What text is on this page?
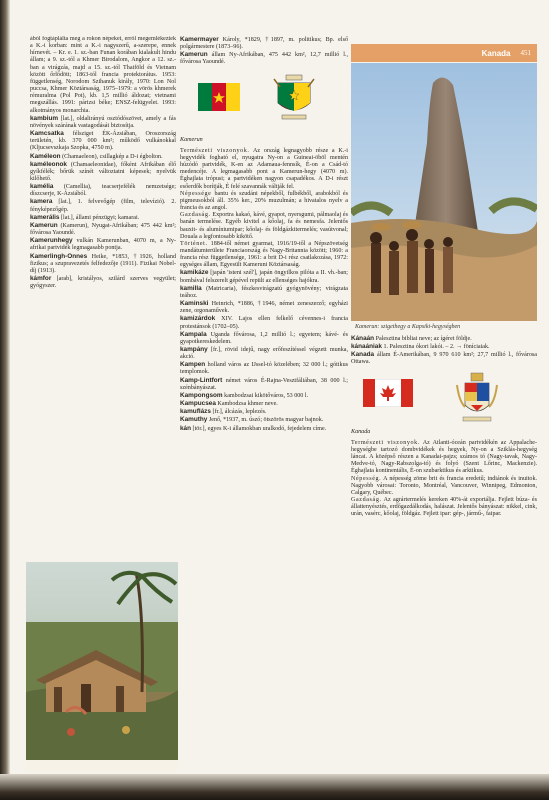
ából fogtáplálta meg a rokon népeket, erről megemlékeztek a K.-i korban: mint a K.-i nagyszerű, a-szerepe, ennek hírnevét. – Kr. e. 1. sz.-ban Funan korában kialakult hindu állam; a 9. sz.-tól a Khmer Birodalom, Angkor a 12. sz.-ban a virágzás, majd a 15. sz.-tól Thaiföld és Vietnam között őrlődött; 1863-tól francia protektorátus. 1953: függetlenség, Norodom Szihanuk király, 1970: Lon Nol puccsa, Khmer Köztársaság, 1975–1979: a vörös khmerek rémuralma (Pol Pot), kb. 1,5 millió áldozat; vietnami megszállás. 1991: párizsi béke; ENSZ-felügyelet. 1993: alkotmányos monarchia.

kambium [lat.], oldalirányú osztódószövet, amely a fás növények szárának vastagodását biztosítja.

Kamcsatka félsziget ÉK-Ázsiában, Oroszország területén, kb. 370 000 km²; működő vulkánokkal (Kljucsevszkaja Szopka, 4750 m).

Kaméleon (Chamaeleon), csillagkép a D-i égbolton.

kaméleonok (Chamaeleonidae), főként Afrikában élő gyíkfélék; bőrük színét változtatni képesek; nyelvük kilőhető.

kamélia (Camellia), teacserjefélék nemzetsége; díszcserje, K-Ázsiából.

kamera [lat.], 1. felvevőgép (film, televízió). 2. fényképezőgép.

kamerális [lat.], állami pénzügyi; kamarai.

Kamerun (Kamerun), Nyugat-Afrikában; 475 442 km²; fővárosa Yaoundé.

Kamerunhegy vulkán Kamerunban, 4070 m, a Ny-afrikai partvidék legmagasabb pontja.

Kamerlingh-Onnes Heike, *1853, †1926, holland fizikus; a szupravezetés felfedezője (1911). Fizikai Nobel-díj (1913).

kámfor [arab], kristályos, szilárd szerves vegyület; gyógyszer.

Kamermayer Károly, *1829, †1897, m. politikus; Bp. első polgármestere (1873–96).

Kamerun állam Ny-Afrikában, 475 442 km², 12,7 millió l., fővárosa Yaoundé.

Kamerun

Természeti viszonyok. Az ország legnagyobb része a K.-i hegyvidék fogható el, nyugatra Ny-on a Guineai-öböl mentén húzódó partvidék, K-en az Adamaua-fennsík, É-on a Csád-tó medencéje. A legmagasabb pont a Kamerun-hegy (4070 m). Éghajlata trópusi; a partvidéken nagyon csapadékos. A D-i részt esőerdők borítják, É felé szavannák váltják fel.

Népessége bantu és szudáni népekből, fulbékből, arabokból és pigmeusokból áll. 35% ker., 20% muzulmán; a hivatalos nyelv a francia és az angol.

Gazdaság. Exportra kakaó, kávé, gyapot, nyersgumi, pálmaolaj és banán termelése. Egyéb kivitel a kőolaj, fa és nemesfa. Jelentős bauxit- és alumíniumipar; kőolaj- és földgázkitermelés; vasútvonal; Douala a legfontosabb kikötő.

Történet. 1884-től német gyarmat, 1916/19-től a Népszövetség mandátumterülete Franciaország és Nagy-Britannia között; 1960: a francia rész függetlensége, 1961: a brit D-i rész csatlakozása, 1972: egységes állam, Egyesült Kameruni Köztársaság.

kamikáze [japán 'isteni szél'], japán öngyilkos pilóta a II. vh.-ban; bombával felszerelt gépével repült az ellenséges hajókra.

kamilla (Matricaria), fészkesvirágzatú gyógynövény; virágzata teához.

Kaminski Heinrich, *1886, †1946, német zeneszerző; egyházi zene, orgonaművek.

kamizárdok XIV. Lajos ellen felkelő cévennes-i francia protestánsok (1702–05).

Kampala Uganda fővárosa, 1,2 millió l.; egyetem; kávé- és gyapotkereskedelem.

kampány [fr.], rövid idejű, nagy erőfeszítéssel végzett munka, akció.

Kampen holland város az IJssel-tó közelében; 32 000 l.; gótikus templomok.

Kamp-Lintfort német város É-Rajna-Vesztfáliában, 38 000 l.; szénbányászat.

Kampongsom kambodzsai kikötőváros, 53 000 l.

Kampucsea Kambodzsa khmer neve.

kamuflázs [fr.], álcázás, leplezés.

Kamuthy Jenő, *1937, m. úszó; ötszörös magyar bajnok.

kán [tör.], egyes K-i államokban uralkodó, fejedelem címe.

Kanada 451
Kamerun: szigethegy a Kapsiki-hegységben

Kánaán Palesztina bibliai neve; az ígéret földje.

kánaániak 1. Palesztina ókori lakói. – 2. → föníciaiak.

Kanada állam É-Amerikában, 9 970 610 km²; 27,7 millió l., fővárosa Ottawa.

Kanada

Természeti viszonyok. Az Atlanti-óceán partvidékén az Appalache-hegységbe tartozó dombvidékek és hegyek, Ny-on a Sziklás-hegység láncai. A középső részen a Kanadai-pajzs; számos tó (Nagy-tavak, Nagy-Medve-tó, Nagy-Rabszolga-tó) és folyó (Szent Lőrinc, Mackenzie). Éghajlata kontinentális, É-on szubarktikus és arktikus.

Népesség. A népesség zöme brit és francia eredetű; indiánok és inuitok. Nagyobb városai: Toronto, Montréal, Vancouver, Winnipeg, Edmonton, Calgary, Québec.

Gazdaság. Az agrártermelés kereken 40%-át exportálja. Fejlett búza- és állattenyésztés, erdőgazdálkodás, halászat. Jelentős bányászat: nikkel, cink, urán, vasérc, kőolaj, földgáz. Fejlett ipar: gép-, jármű-, faipar.
